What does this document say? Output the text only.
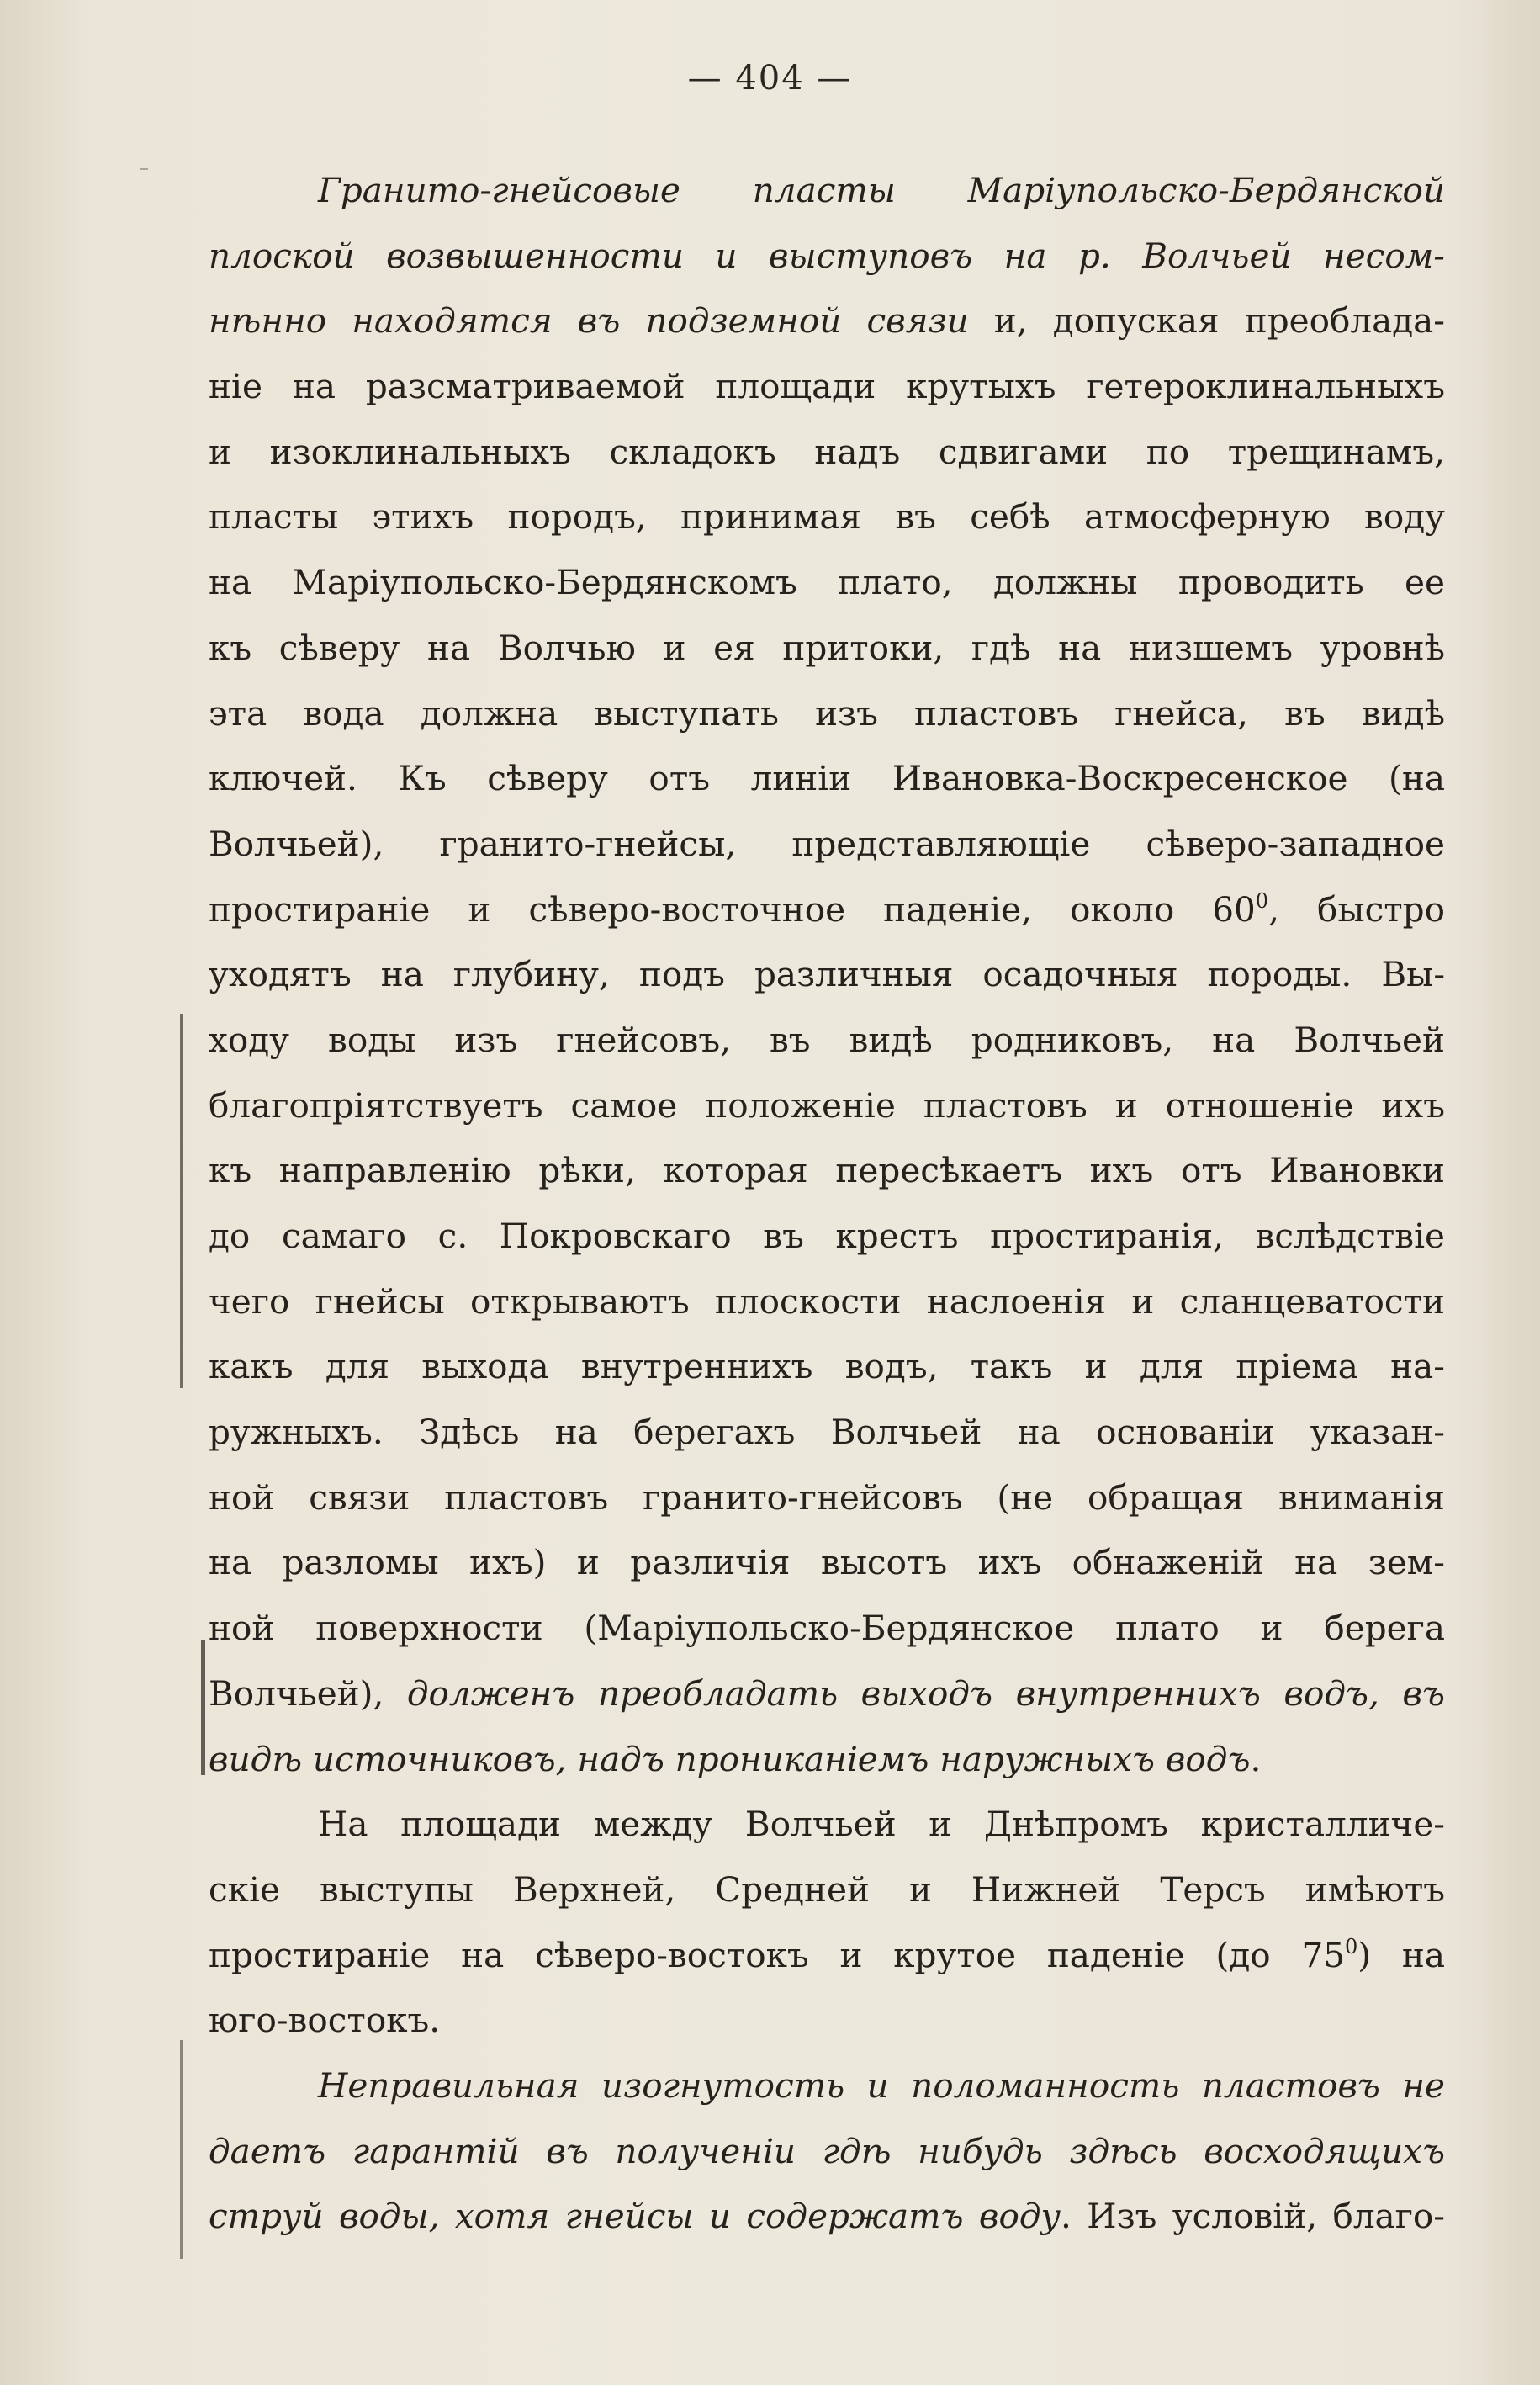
— 404 —
Гранито-гнейсовые пласты Маріупольско-Бердянской
плоской возвышенности и выступовъ на р. Волчьей несом-
нѣнно находятся въ подземной связи и, допуская преоблада-
ніе на разсматриваемой площади крутыхъ гетероклинальныхъ
и изоклинальныхъ складокъ надъ сдвигами по трещинамъ,
пласты этихъ породъ, принимая въ себѣ атмосферную воду
на Маріупольско-Бердянскомъ плато, должны проводить ее
къ сѣверу на Волчью и ея притоки, гдѣ на низшемъ уровнѣ
эта вода должна выступать изъ пластовъ гнейса, въ видѣ
ключей. Къ сѣверу отъ линіи Ивановка-Воскресенское (на
Волчьей), гранито-гнейсы, представляющіе сѣверо-западное
простираніе и сѣверо-восточное паденіе, около $60^0$, быстро
уходятъ на глубину, подъ различныя осадочныя породы. Вы-
ходу воды изъ гнейсовъ, въ видѣ родниковъ, на Волчьей
благопріятствуетъ самое положеніе пластовъ и отношеніе ихъ
къ направленію рѣки, которая пересѣкаетъ ихъ отъ Ивановки
до самаго с. Покровскаго въ крестъ простиранія, вслѣдствіе
чего гнейсы открываютъ плоскости наслоенія и сланцеватости
какъ для выхода внутреннихъ водъ, такъ и для пріема на-
ружныхъ. Здѣсь на берегахъ Волчьей на основаніи указан-
ной связи пластовъ гранито-гнейсовъ (не обращая вниманія
на разломы ихъ) и различія высотъ ихъ обнаженій на зем-
ной поверхности (Маріупольско-Бердянское плато и берега
Волчьей), долженъ преобладать выходъ внутреннихъ водъ, въ
видѣ источниковъ, надъ прониканіемъ наружныхъ водъ.
На площади между Волчьей и Днѣпромъ кристалличе-
скіе выступы Верхней, Средней и Нижней Терсъ имѣютъ
простираніе на сѣверо-востокъ и крутое паденіе (до $75^0$) на
юго-востокъ.
Неправильная изогнутость и поломанность пластовъ не
даетъ гарантій въ полученіи гдѣ нибудь здѣсь восходящихъ
струй воды, хотя гнейсы и содержатъ воду. Изъ условій, благо-
